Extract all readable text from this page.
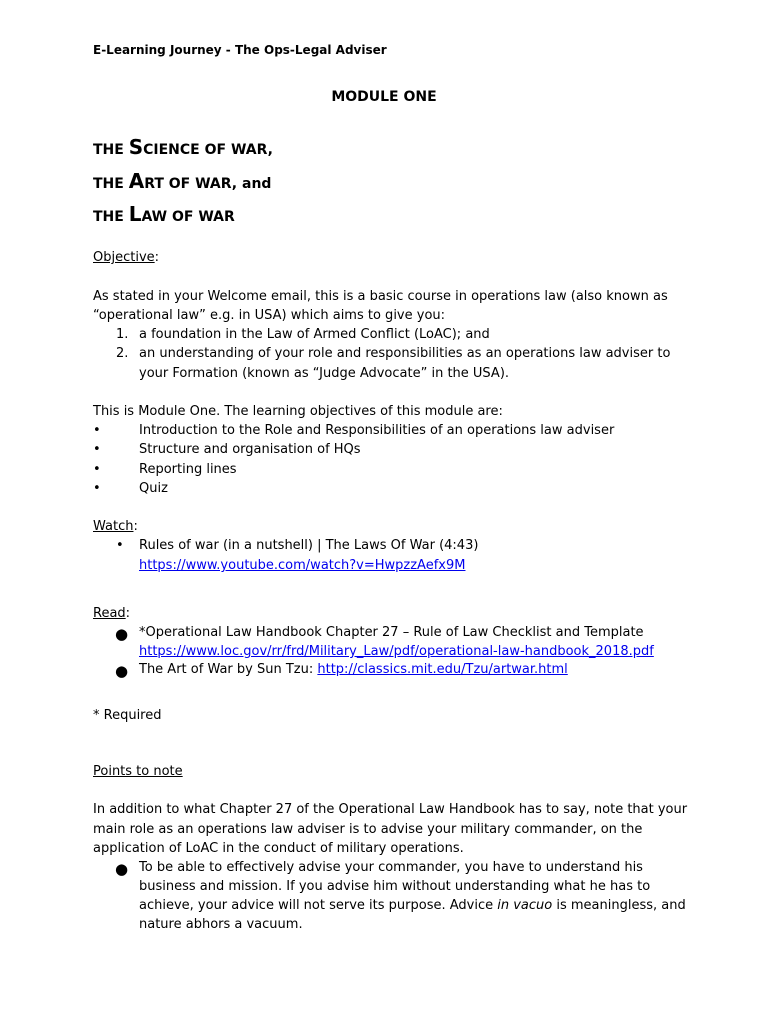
E-Learning Journey - The Ops-Legal Adviser
MODULE ONE
THE SCIENCE OF WAR,
THE ART OF WAR, and
THE LAW OF WAR
Objective:
As stated in your Welcome email, this is a basic course in operations law (also known as
“operational law” e.g. in USA) which aims to give you:
1. a foundation in the Law of Armed Conflict (LoAC); and
2. an understanding of your role and responsibilities as an operations law adviser to
your Formation (known as “Judge Advocate” in the USA).
This is Module One. The learning objectives of this module are:
•	Introduction to the Role and Responsibilities of an operations law adviser
•	Structure and organisation of HQs
•	Reporting lines
•	Quiz
Watch:
• Rules of war (in a nutshell) | The Laws Of War (4:43)
https://www.youtube.com/watch?v=HwpzzAefx9M
Read:
● *Operational Law Handbook Chapter 27 – Rule of Law Checklist and Template
https://www.loc.gov/rr/frd/Military_Law/pdf/operational-law-handbook_2018.pdf
● The Art of War by Sun Tzu: http://classics.mit.edu/Tzu/artwar.html
* Required
Points to note
In addition to what Chapter 27 of the Operational Law Handbook has to say, note that your
main role as an operations law adviser is to advise your military commander, on the
application of LoAC in the conduct of military operations.
● To be able to effectively advise your commander, you have to understand his
business and mission. If you advise him without understanding what he has to
achieve, your advice will not serve its purpose. Advice in vacuo is meaningless, and
nature abhors a vacuum.
